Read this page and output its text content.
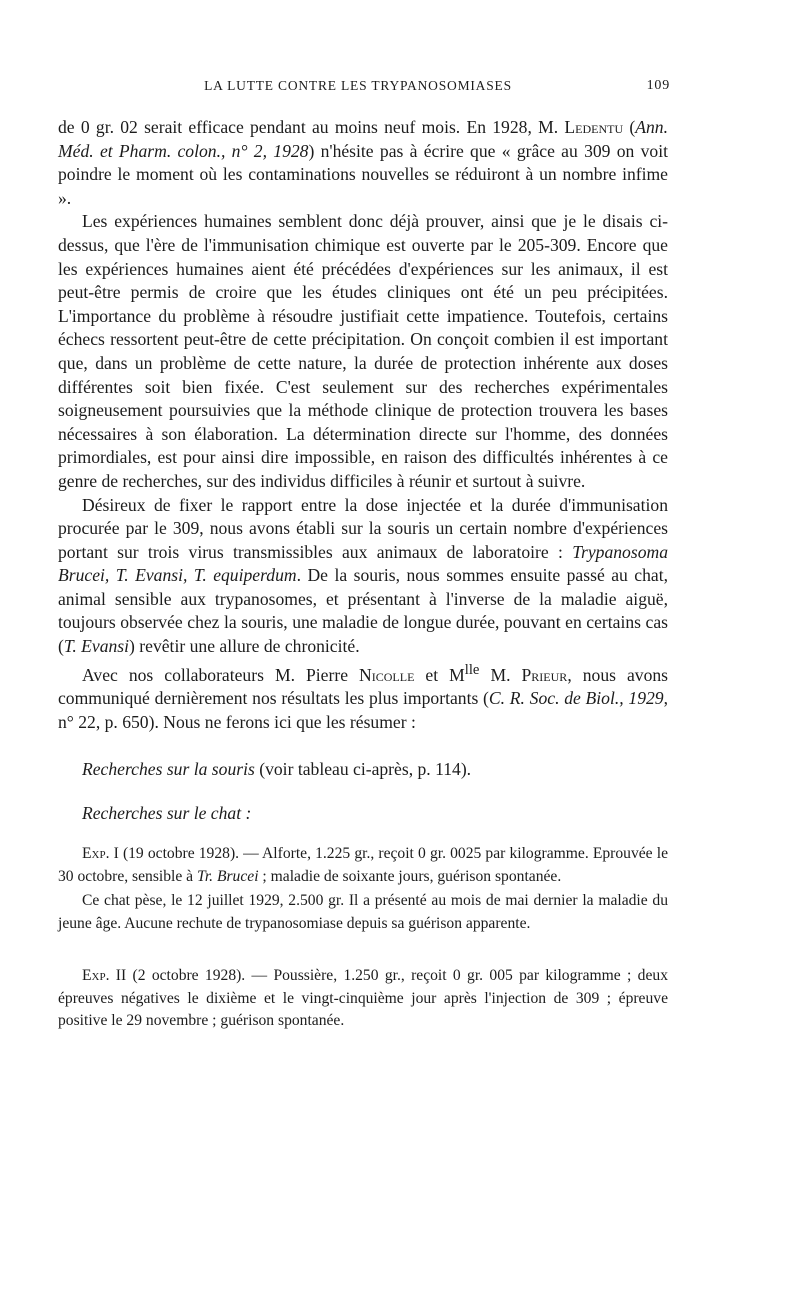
LA LUTTE CONTRE LES TRYPANOSOMIASES	109

de 0 gr. 02 serait efficace pendant au moins neuf mois. En 1928, M. Ledentu (Ann. Méd. et Pharm. colon., n° 2, 1928) n'hésite pas à écrire que « grâce au 309 on voit poindre le moment où les contaminations nouvelles se réduiront à un nombre infime ».

Les expériences humaines semblent donc déjà prouver, ainsi que je le disais ci-dessus, que l'ère de l'immunisation chimique est ouverte par le 205-309. Encore que les expériences humaines aient été précédées d'expériences sur les animaux, il est peut-être permis de croire que les études cliniques ont été un peu précipitées. L'importance du problème à résoudre justifiait cette impatience. Toutefois, certains échecs ressortent peut-être de cette précipitation. On conçoit combien il est important que, dans un problème de cette nature, la durée de protection inhérente aux doses différentes soit bien fixée. C'est seulement sur des recherches expérimentales soigneusement poursuivies que la méthode clinique de protection trouvera les bases nécessaires à son élaboration. La détermination directe sur l'homme, des données primordiales, est pour ainsi dire impossible, en raison des difficultés inhérentes à ce genre de recherches, sur des individus difficiles à réunir et surtout à suivre.

Désireux de fixer le rapport entre la dose injectée et la durée d'immunisation procurée par le 309, nous avons établi sur la souris un certain nombre d'expériences portant sur trois virus transmissibles aux animaux de laboratoire : Trypanosoma Brucei, T. Evansi, T. equiperdum. De la souris, nous sommes ensuite passé au chat, animal sensible aux trypanosomes, et présentant à l'inverse de la maladie aiguë, toujours observée chez la souris, une maladie de longue durée, pouvant en certains cas (T. Evansi) revêtir une allure de chronicité.

Avec nos collaborateurs M. Pierre Nicolle et $M^{lle}$ M. Prieur, nous avons communiqué dernièrement nos résultats les plus importants (C. R. Soc. de Biol., 1929, n° 22, p. 650). Nous ne ferons ici que les résumer :

Recherches sur la souris (voir tableau ci-après, p. 114).

Recherches sur le chat :

Exp. I (19 octobre 1928). — Alforte, 1.225 gr., reçoit 0 gr. 0025 par kilogramme. Eprouvée le 30 octobre, sensible à Tr. Brucei ; maladie de soixante jours, guérison spontanée.

Ce chat pèse, le 12 juillet 1929, 2.500 gr. Il a présenté au mois de mai dernier la maladie du jeune âge. Aucune rechute de trypanosomiase depuis sa guérison apparente.

Exp. II (2 octobre 1928). — Poussière, 1.250 gr., reçoit 0 gr. 005 par kilogramme ; deux épreuves négatives le dixième et le vingt-cinquième jour après l'injection de 309 ; épreuve positive le 29 novembre ; guérison spontanée.
